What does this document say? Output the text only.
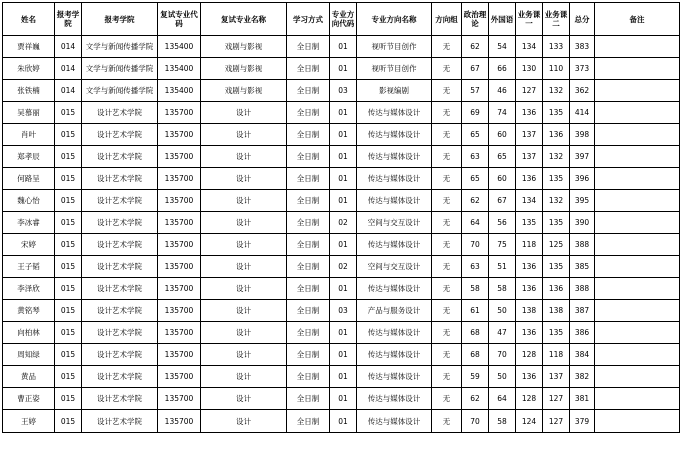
姓名	报考学院	报考学院	复试专业代码	复试专业名称	学习方式	专业方向代码	专业方向名称	方向组	政治理论	外国语	业务课一	业务课二	总分	备注
贾祥巍	014	文学与新闻传播学院	135400	戏剧与影视	全日制	01	视听节目创作	无	62	54	134	133	383	
朱欣婷	014	文学与新闻传播学院	135400	戏剧与影视	全日制	01	视听节目创作	无	67	66	130	110	373	
张铁楠	014	文学与新闻传播学院	135400	戏剧与影视	全日制	03	影视编剧	无	57	46	127	132	362	
吴慕丽	015	设计艺术学院	135700	设计	全日制	01	传达与媒体设计	无	69	74	136	135	414	
肖叶	015	设计艺术学院	135700	设计	全日制	01	传达与媒体设计	无	65	60	137	136	398	
郑孝辰	015	设计艺术学院	135700	设计	全日制	01	传达与媒体设计	无	63	65	137	132	397	
何路呈	015	设计艺术学院	135700	设计	全日制	01	传达与媒体设计	无	65	60	136	135	396	
魏心怡	015	设计艺术学院	135700	设计	全日制	01	传达与媒体设计	无	62	67	134	132	395	
李冰睿	015	设计艺术学院	135700	设计	全日制	02	空间与交互设计	无	64	56	135	135	390	
宋婷	015	设计艺术学院	135700	设计	全日制	01	传达与媒体设计	无	70	75	118	125	388	
王子韬	015	设计艺术学院	135700	设计	全日制	02	空间与交互设计	无	63	51	136	135	385	
李泽欣	015	设计艺术学院	135700	设计	全日制	01	传达与媒体设计	无	58	58	136	136	388	
黄铭琴	015	设计艺术学院	135700	设计	全日制	03	产品与服务设计	无	61	50	138	138	387	
向柏林	015	设计艺术学院	135700	设计	全日制	01	传达与媒体设计	无	68	47	136	135	386	
周知绿	015	设计艺术学院	135700	设计	全日制	01	传达与媒体设计	无	68	70	128	118	384	
黄品	015	设计艺术学院	135700	设计	全日制	01	传达与媒体设计	无	59	50	136	137	382	
曹正姿	015	设计艺术学院	135700	设计	全日制	01	传达与媒体设计	无	62	64	128	127	381	
王婷	015	设计艺术学院	135700	设计	全日制	01	传达与媒体设计	无	70	58	124	127	379	
